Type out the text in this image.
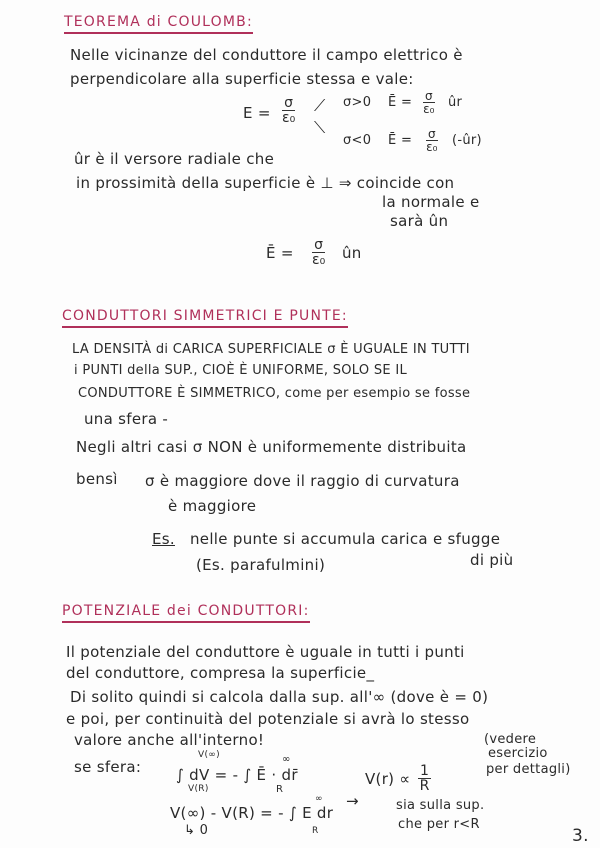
TEOREMA di COULOMB:
Nelle vicinanze del conduttore il campo elettrico è
perpendicolare alla superficie stessa e vale:
$E = \frac{\sigma}{\text{ε₀}}$ ⟋
⟍
σ>0 Ē = $\frac{\sigma}{\text{ε₀}}$ ûr
σ<0 Ē = $\frac{\sigma}{\text{ε₀}}$ (-ûr)
ûr è il versore radiale che
in prossimità della superficie è ⊥ ⇒ coincide con
la normale e
sarà ûn
Ē = $\frac{\sigma}{\text{ε₀}}$ ûn
CONDUTTORI SIMMETRICI E PUNTE:
LA DENSITÀ di CARICA SUPERFICIALE σ È UGUALE IN TUTTI
i PUNTI della SUP., CIOÈ È UNIFORME, SOLO SE IL
CONDUTTORE È SIMMETRICO, come per esempio se fosse
una sfera -
Negli altri casi σ NON è uniformemente distribuita
bensì σ è maggiore dove il raggio di curvatura
è maggiore
Es. nelle punte si accumula carica e sfugge
di più
(Es. parafulmini)
POTENZIALE dei CONDUTTORI:
Il potenziale del conduttore è uguale in tutti i punti
del conduttore, compresa la superficie_
Di solito quindi si calcola dalla sup. all'∞ (dove è = 0)
e poi, per continuità del potenziale si avrà lo stesso
valore anche all'interno!
se sfera:
V(∞)
∫ dV = - ∫ Ē · dr̄
V(R)
∞
R
V(∞) - V(R) = - ∫ E dr
↳ 0
∞
R
→
$V(r) \propto \frac{1}{R}$
(vedere
esercizio
per dettagli)
sia sulla sup.
che per r<R
3.
